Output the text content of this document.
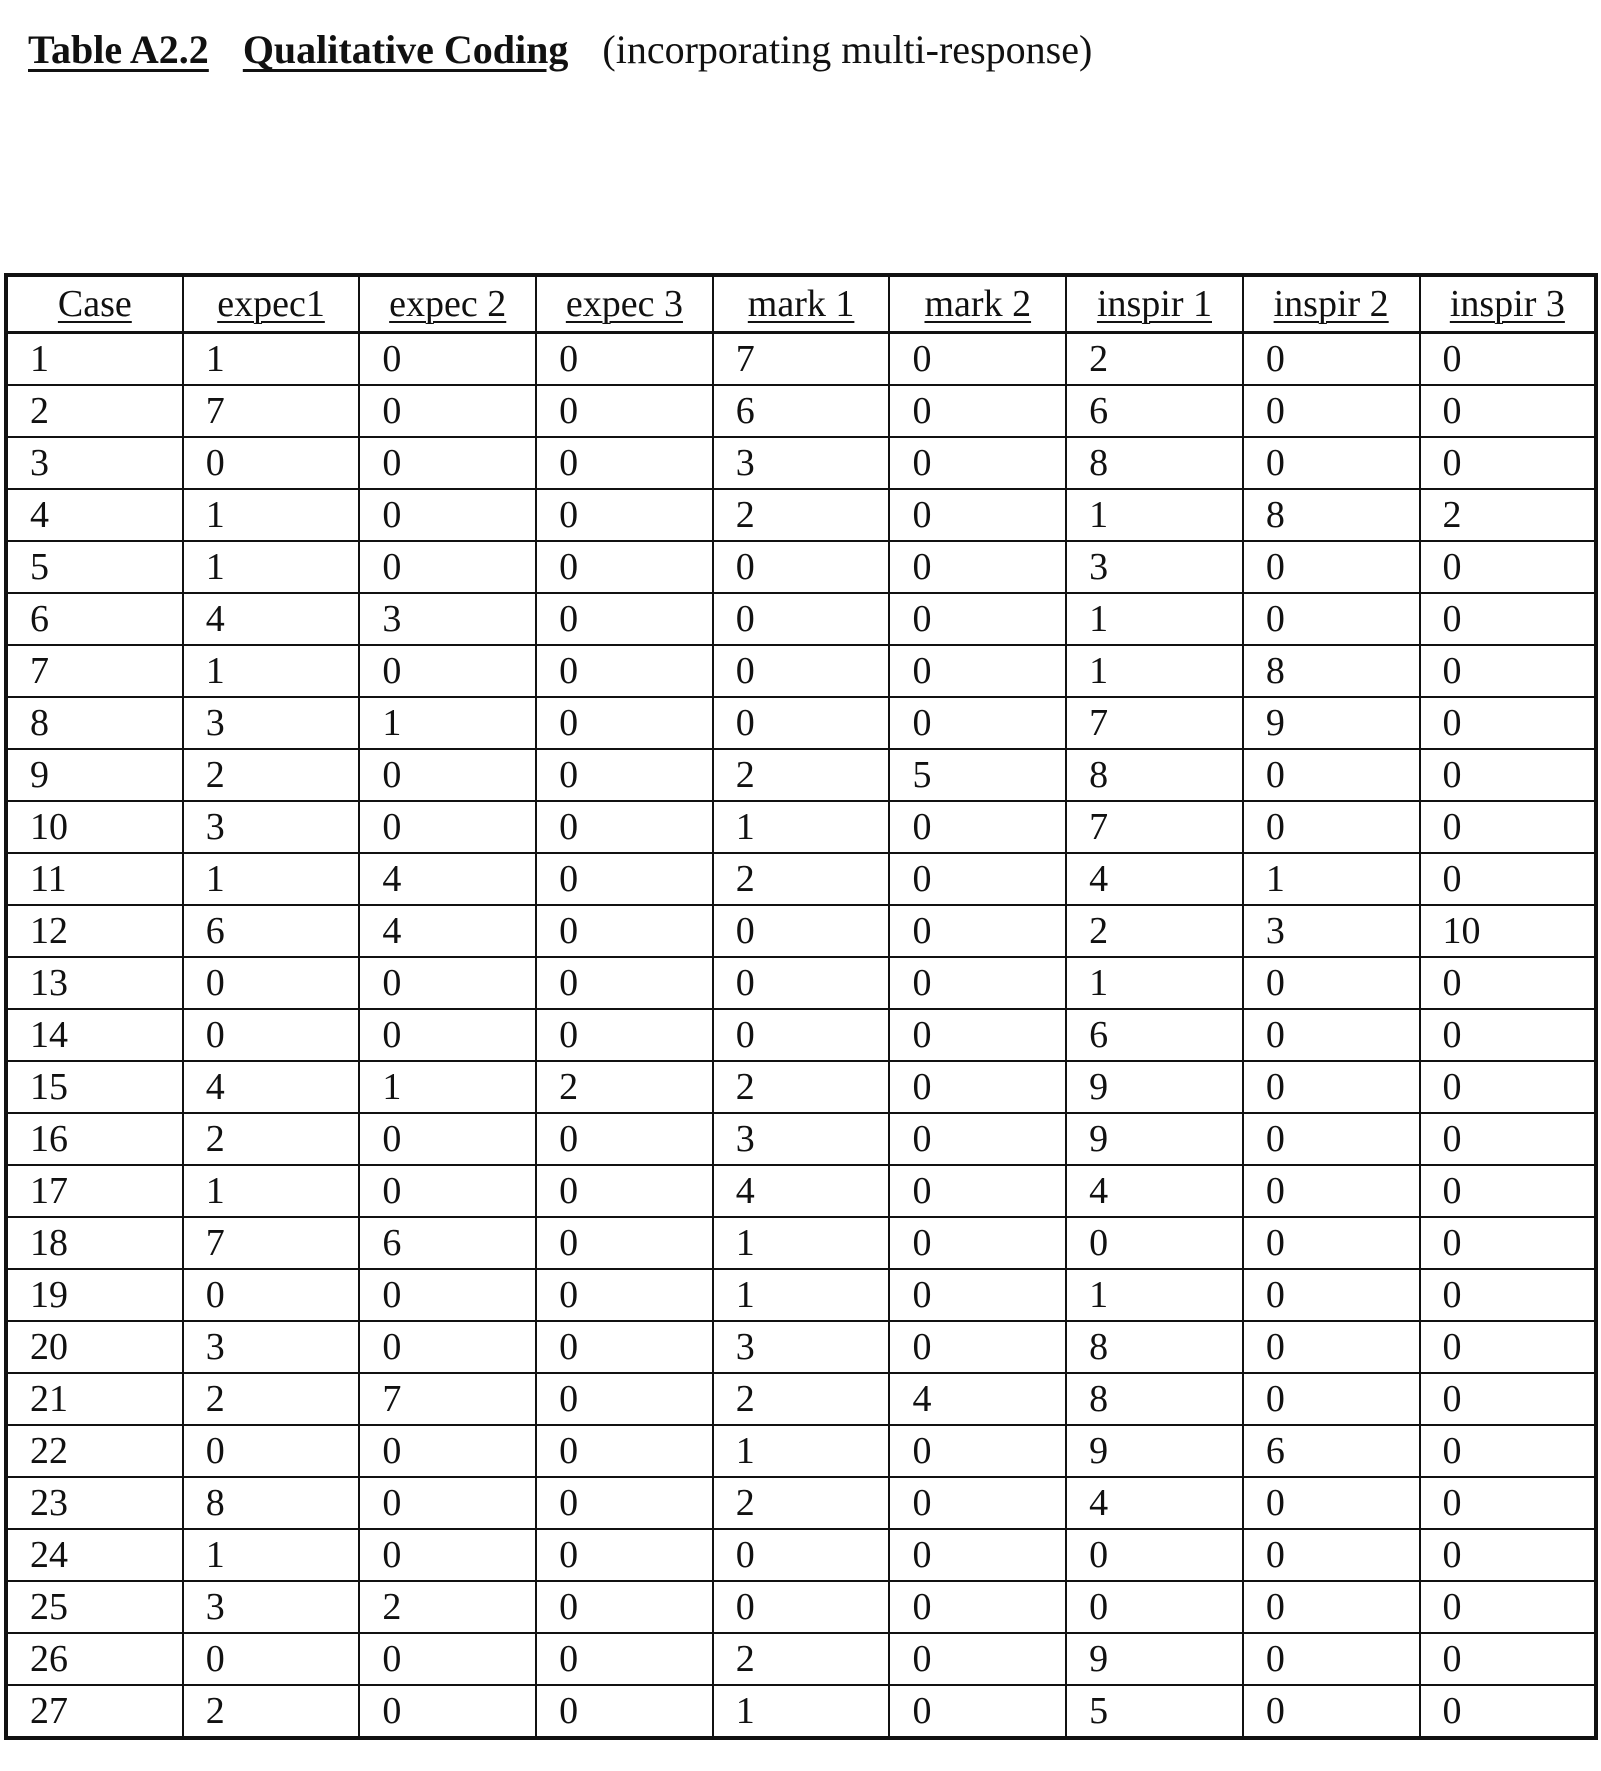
Table A2.2 Qualitative Coding (incorporating multi-response)
Case	expec1	expec 2	expec 3	mark 1	mark 2	inspir 1	inspir 2	inspir 3
1	1	0	0	7	0	2	0	0
2	7	0	0	6	0	6	0	0
3	0	0	0	3	0	8	0	0
4	1	0	0	2	0	1	8	2
5	1	0	0	0	0	3	0	0
6	4	3	0	0	0	1	0	0
7	1	0	0	0	0	1	8	0
8	3	1	0	0	0	7	9	0
9	2	0	0	2	5	8	0	0
10	3	0	0	1	0	7	0	0
11	1	4	0	2	0	4	1	0
12	6	4	0	0	0	2	3	10
13	0	0	0	0	0	1	0	0
14	0	0	0	0	0	6	0	0
15	4	1	2	2	0	9	0	0
16	2	0	0	3	0	9	0	0
17	1	0	0	4	0	4	0	0
18	7	6	0	1	0	0	0	0
19	0	0	0	1	0	1	0	0
20	3	0	0	3	0	8	0	0
21	2	7	0	2	4	8	0	0
22	0	0	0	1	0	9	6	0
23	8	0	0	2	0	4	0	0
24	1	0	0	0	0	0	0	0
25	3	2	0	0	0	0	0	0
26	0	0	0	2	0	9	0	0
27	2	0	0	1	0	5	0	0
